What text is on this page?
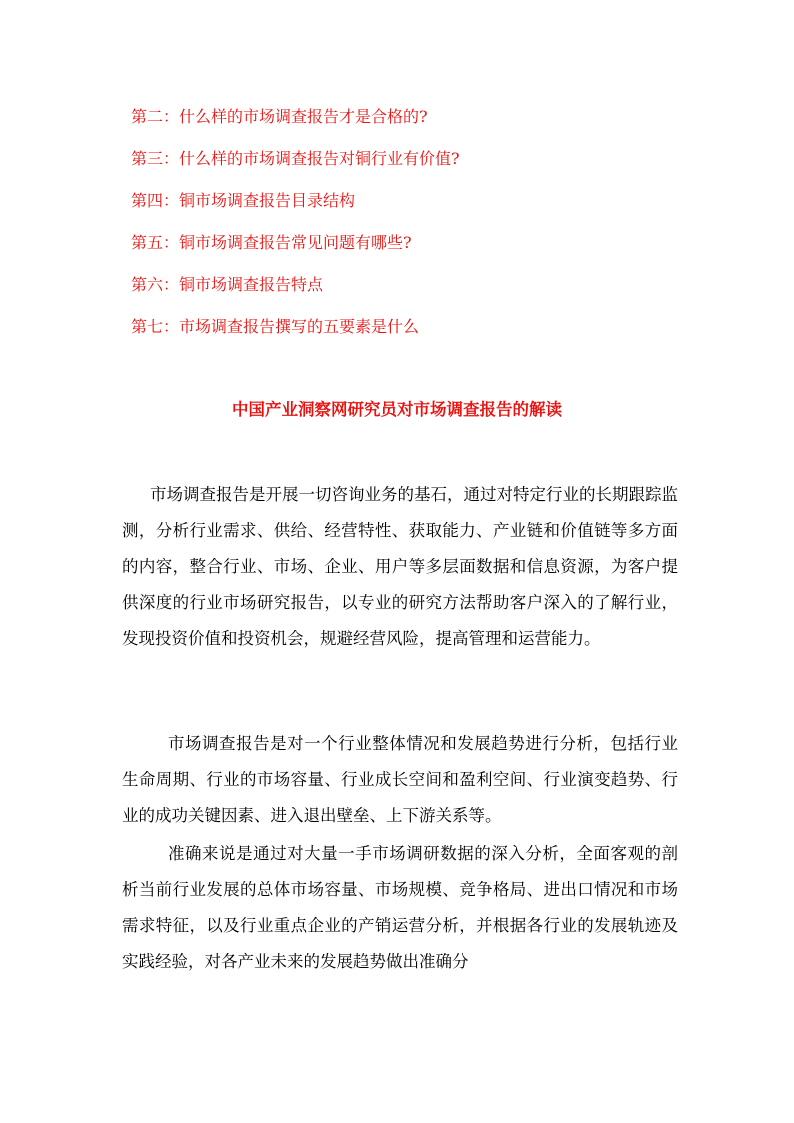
第二：什么样的市场调查报告才是合格的?
第三：什么样的市场调查报告对铜行业有价值?
第四：铜市场调查报告目录结构
第五：铜市场调查报告常见问题有哪些?
第六：铜市场调查报告特点
第七：市场调查报告撰写的五要素是什么
中国产业洞察网研究员对市场调查报告的解读

市场调查报告是开展一切咨询业务的基石，通过对特定行业的长期跟踪监测，分析行业需求、供给、经营特性、获取能力、产业链和价值链等多方面的内容，整合行业、市场、企业、用户等多层面数据和信息资源，为客户提供深度的行业市场研究报告，以专业的研究方法帮助客户深入的了解行业，发现投资价值和投资机会，规避经营风险，提高管理和运营能力。

市场调查报告是对一个行业整体情况和发展趋势进行分析，包括行业生命周期、行业的市场容量、行业成长空间和盈利空间、行业演变趋势、行业的成功关键因素、进入退出壁垒、上下游关系等。

准确来说是通过对大量一手市场调研数据的深入分析，全面客观的剖析当前行业发展的总体市场容量、市场规模、竞争格局、进出口情况和市场需求特征，以及行业重点企业的产销运营分析，并根据各行业的发展轨迹及实践经验，对各产业未来的发展趋势做出准确分
